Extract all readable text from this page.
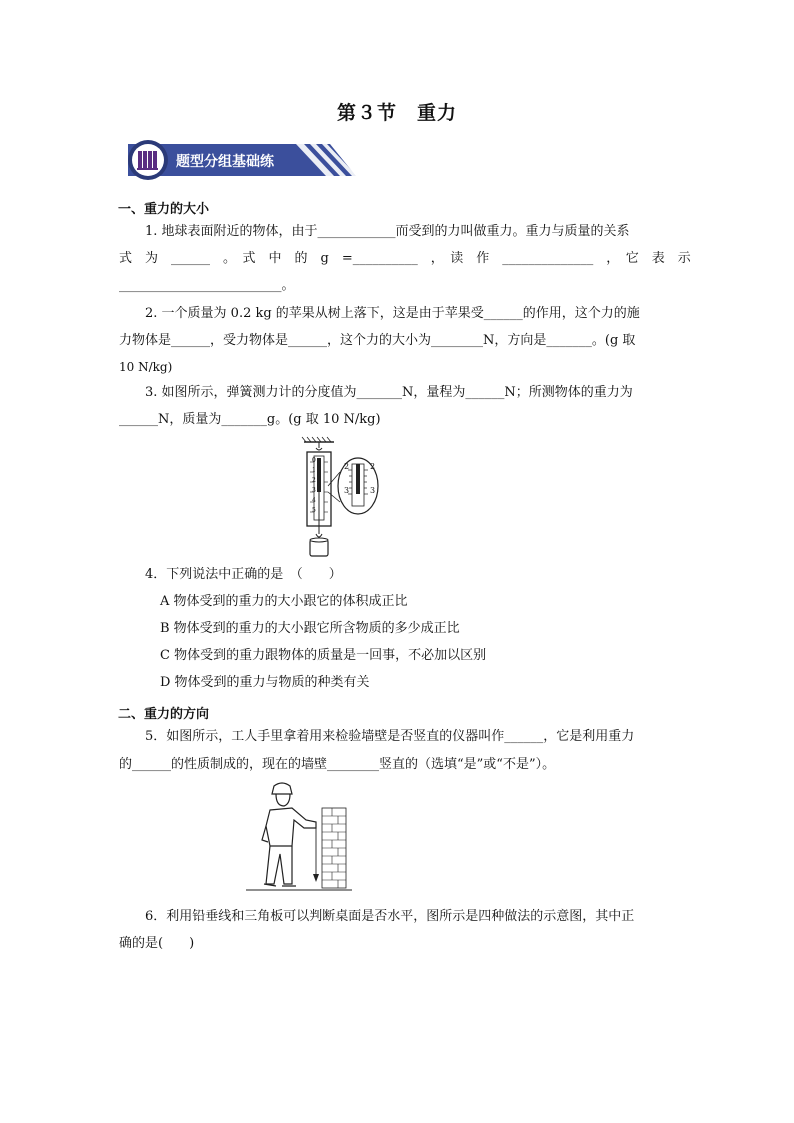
第３节　重力
题型分组基础练
一、重力的大小
1. 地球表面附近的物体，由于____________而受到的力叫做重力。重力与质量的关系
式　为　______　。　式　中　的　g　=__________　，　读　作　______________　，　它　表　示
_________________________。
2. 一个质量为 0.2 kg 的苹果从树上落下，这是由于苹果受______的作用，这个力的施
力物体是______，受力物体是______，这个力的大小为________N，方向是_______。(g 取
10 N/kg)
3. 如图所示，弹簧测力计的分度值为_______N，量程为______N；所测物体的重力为
______N，质量为_______g。(g 取 10 N/kg)
2	2
3	3
0
1
2
3
4
5
4．下列说法中正确的是　（　　）
A 物体受到的重力的大小跟它的体积成正比
B 物体受到的重力的大小跟它所含物质的多少成正比
C 物体受到的重力跟物体的质量是一回事，不必加以区别
D 物体受到的重力与物质的种类有关
二、重力的方向
5．如图所示，工人手里拿着用来检验墙壁是否竖直的仪器叫作______，它是利用重力
的______的性质制成的，现在的墙壁________竖直的（选填“是”或“不是”）。
6．利用铅垂线和三角板可以判断桌面是否水平，图所示是四种做法的示意图，其中正
确的是(　　)
